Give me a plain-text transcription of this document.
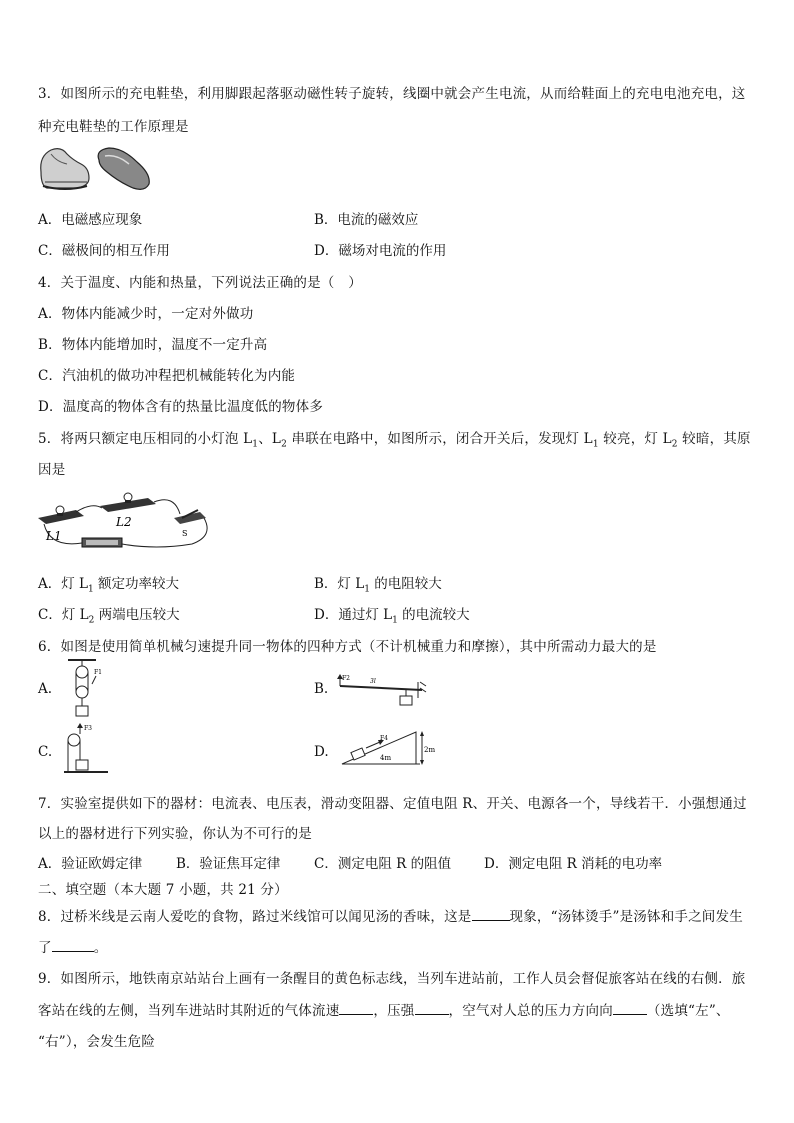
3．如图所示的充电鞋垫，利用脚跟起落驱动磁性转子旋转，线圈中就会产生电流，从而给鞋面上的充电电池充电，这
种充电鞋垫的工作原理是
A．电磁感应现象	B．电流的磁效应
C．磁极间的相互作用	D．磁场对电流的作用
4．关于温度、内能和热量，下列说法正确的是（　）
A．物体内能减少时，一定对外做功
B．物体内能增加时，温度不一定升高
C．汽油机的做功冲程把机械能转化为内能
D．温度高的物体含有的热量比温度低的物体多
5．将两只额定电压相同的小灯泡 $L_1$、$L_2$ 串联在电路中，如图所示，闭合开关后，发现灯 $L_1$ 较亮，灯 $L_2$ 较暗，其原
因是
L1
L2
S
A．灯 $L_1$ 额定功率较大	B．灯 $L_1$ 的电阻较大
C．灯 $L_2$ 两端电压较大	D．通过灯 $L_1$ 的电流较大
6．如图是使用简单机械匀速提升同一物体的四种方式（不计机械重力和摩擦），其中所需动力最大的是
A.
F1
B.
F2	3l
C.
F3
D.
F4
4m
2m
7．实验室提供如下的器材：电流表、电压表，滑动变阻器、定值电阻 R、开关、电源各一个，导线若干．小强想通过
以上的器材进行下列实验，你认为不可行的是
A．验证欧姆定律	B．验证焦耳定律 C．测定电阻 R 的阻值 D．测定电阻 R 消耗的电功率
二、填空题（本大题 7 小题，共 21 分）
8．过桥米线是云南人爱吃的食物，路过米线馆可以闻见汤的香味，这是	现象，“汤钵烫手”是汤钵和手之间发生
了	。
9．如图所示，地铁南京站站台上画有一条醒目的黄色标志线，当列车进站前，工作人员会督促旅客站在线的右侧．旅
客站在线的左侧，当列车进站时其附近的气体流速	，压强	，空气对人总的压力方向向	（选填“左”、
“右”），会发生危险
